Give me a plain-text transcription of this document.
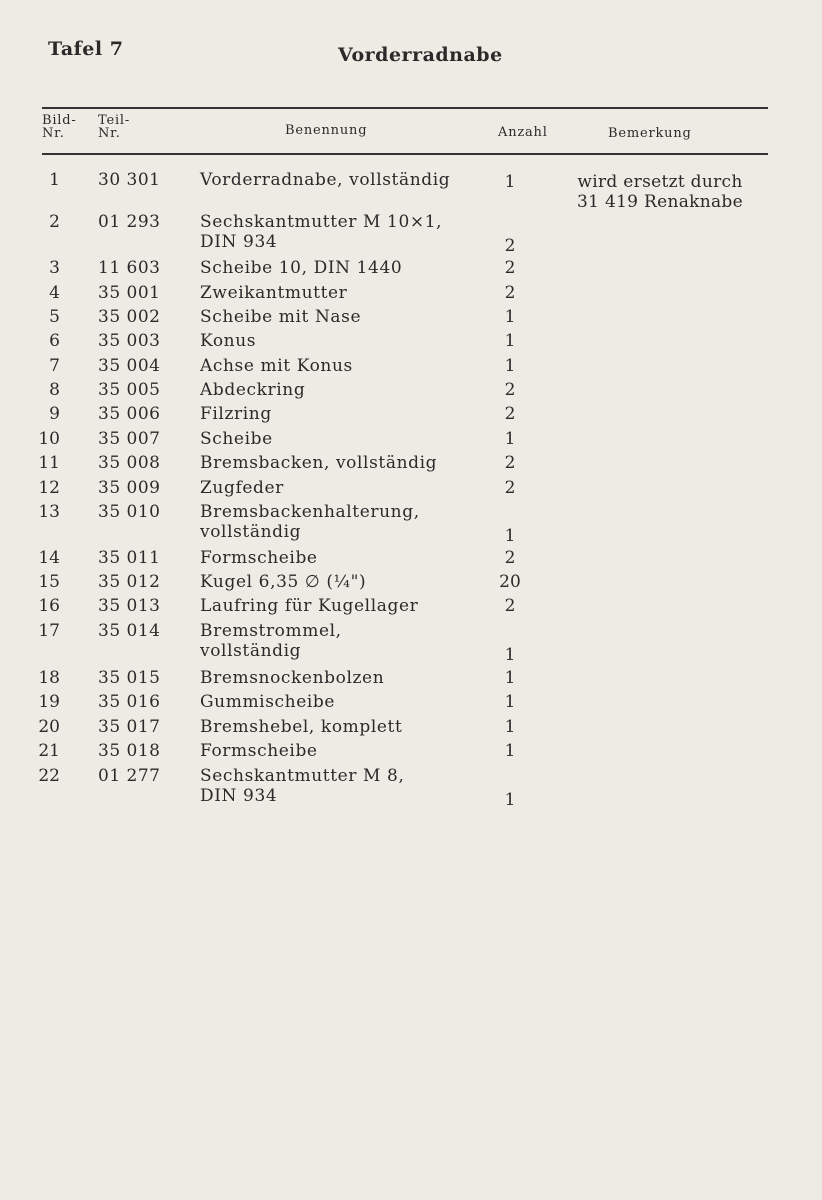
Tafel 7	Vorderradnabe
Bild-
Nr.
Teil-
Nr.	Benennung	Anzahl	Bemerkung
1 30 301	Vorderradnabe, vollständig	1	wird ersetzt durch
31 419 Renaknabe
2 01 293	Sechskantmutter M 10×1,
DIN 934	2
3 11 603	Scheibe 10, DIN 1440	2
4 35 001	Zweikantmutter	2
5 35 002	Scheibe mit Nase	1
6 35 003	Konus	1
7 35 004	Achse mit Konus	1
8 35 005	Abdeckring	2
9 35 006	Filzring	2
10 35 007	Scheibe	1
11 35 008	Bremsbacken, vollständig	2
12 35 009	Zugfeder	2
13 35 010	Bremsbackenhalterung,
vollständig	1
14 35 011	Formscheibe	2
15 35 012	Kugel 6,35 ∅ (¼")	20
16 35 013	Laufring für Kugellager	2
17 35 014	Bremstrommel,
vollständig	1
18 35 015	Bremsnockenbolzen	1
19 35 016	Gummischeibe	1
20 35 017	Bremshebel, komplett	1
21 35 018	Formscheibe	1
22 01 277	Sechskantmutter M 8,
DIN 934	1
